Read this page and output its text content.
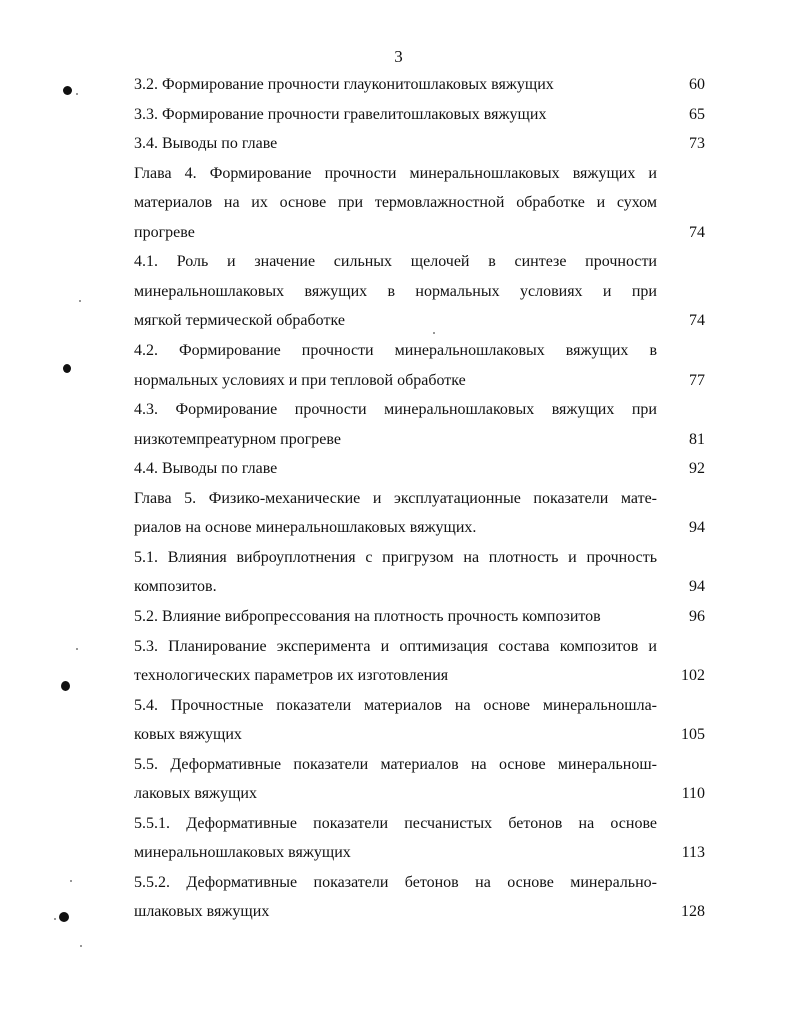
3
3.2. Формирование прочности глауконитошлаковых вяжущих	60
3.3. Формирование прочности гравелитошлаковых вяжущих	65
3.4. Выводы по главе	73
Глава 4. Формирование прочности минеральношлаковых вяжущих и
материалов на их основе при термовлажностной обработке и сухом
прогреве	74
4.1. Роль и значение сильных щелочей в синтезе прочности
минеральношлаковых вяжущих в нормальных условиях и при
мягкой термической обработке	74
4.2. Формирование прочности минеральношлаковых вяжущих в
нормальных условиях и при тепловой обработке	77
4.3. Формирование прочности минеральношлаковых вяжущих при
низкотемпреатурном прогреве	81
4.4. Выводы по главе	92
Глава 5. Физико-механические и эксплуатационные показатели мате-
риалов на основе минеральношлаковых вяжущих.	94
5.1. Влияния виброуплотнения с пригрузом на плотность и прочность
композитов.	94
5.2. Влияние вибропрессования на плотность прочность композитов	96
5.3. Планирование эксперимента и оптимизация состава композитов и
технологических параметров их изготовления	102
5.4. Прочностные показатели материалов на основе минеральношла-
ковых вяжущих	105
5.5. Деформативные показатели материалов на основе минеральнош-
лаковых вяжущих	110
5.5.1. Деформативные показатели песчанистых бетонов на основе
минеральношлаковых вяжущих	113
5.5.2. Деформативные показатели бетонов на основе минерально-
шлаковых вяжущих	128
